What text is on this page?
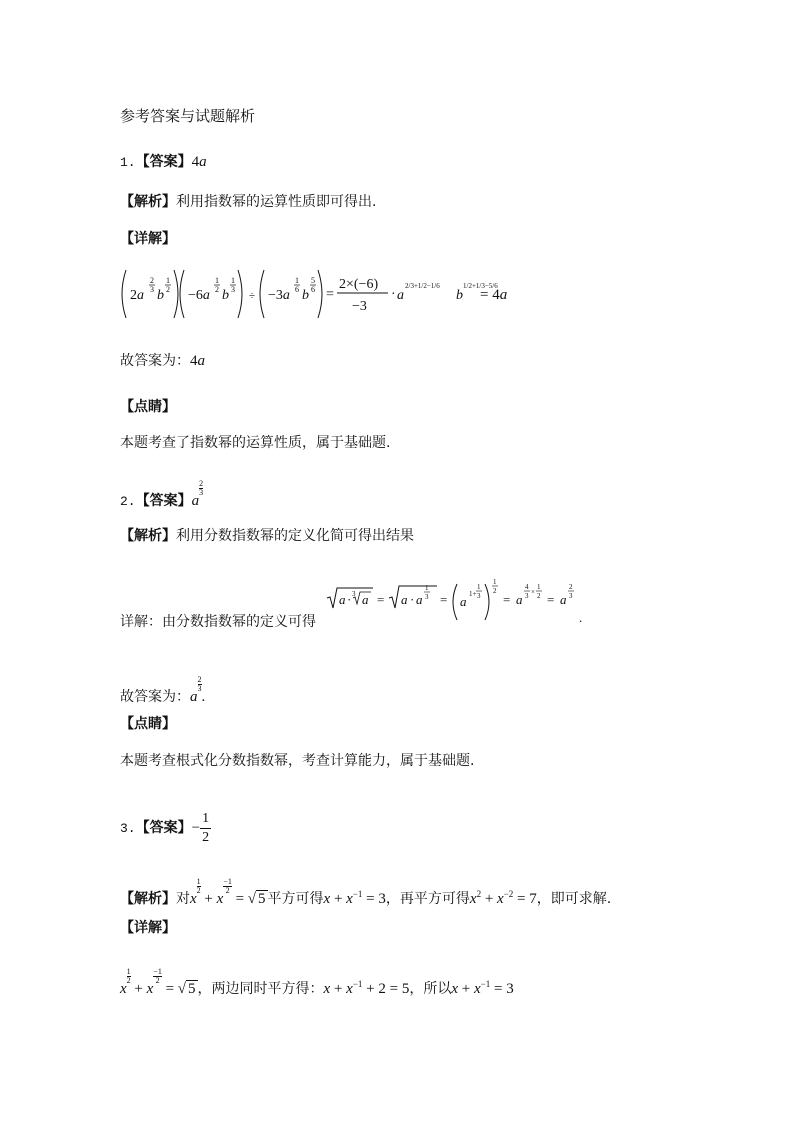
参考答案与试题解析
1.【答案】4a
【解析】利用指数幂的运算性质即可得出.
【详解】
2a
2
3 b
1
2 −6a
1
2 b
1
3
÷ −3a
1
6 b
5
6 =
2×(−6)
−3
· a
2/3+1/2−1/6
b
1/2+1/3−5/6
= 4a
故答案为：4a
【点睛】
本题考查了指数幂的运算性质，属于基础题.
2.【答案】a
$\frac{2}{3}$
【解析】利用分数指数幂的定义化简可得出结果
a · 3 a = a · a
1
3 = a 1+
1
3
1
2
= a
4
3 ×
1
2 = a
2
3
.
详解：由分数指数幂的定义可得
故答案为：a
$\frac{2}{3}$
.
【点睛】
本题考查根式化分数指数幂，考查计算能力，属于基础题.
3.【答案】− $\frac{1}{2}$
【解析】对x
$\frac{1}{2}$
+ x
$\frac{-1}{2}$
= √ 5 平方可得$x + x^{-1} = 3$，再平方可得$x^2 + x^{-2} = 7$，即可求解.
【详解】
x
$\frac{1}{2}$
+ x
$\frac{-1}{2}$
= √ 5 ，两边同时平方得：$x + x^{-1} + 2 = 5$，所以$x + x^{-1} = 3$
